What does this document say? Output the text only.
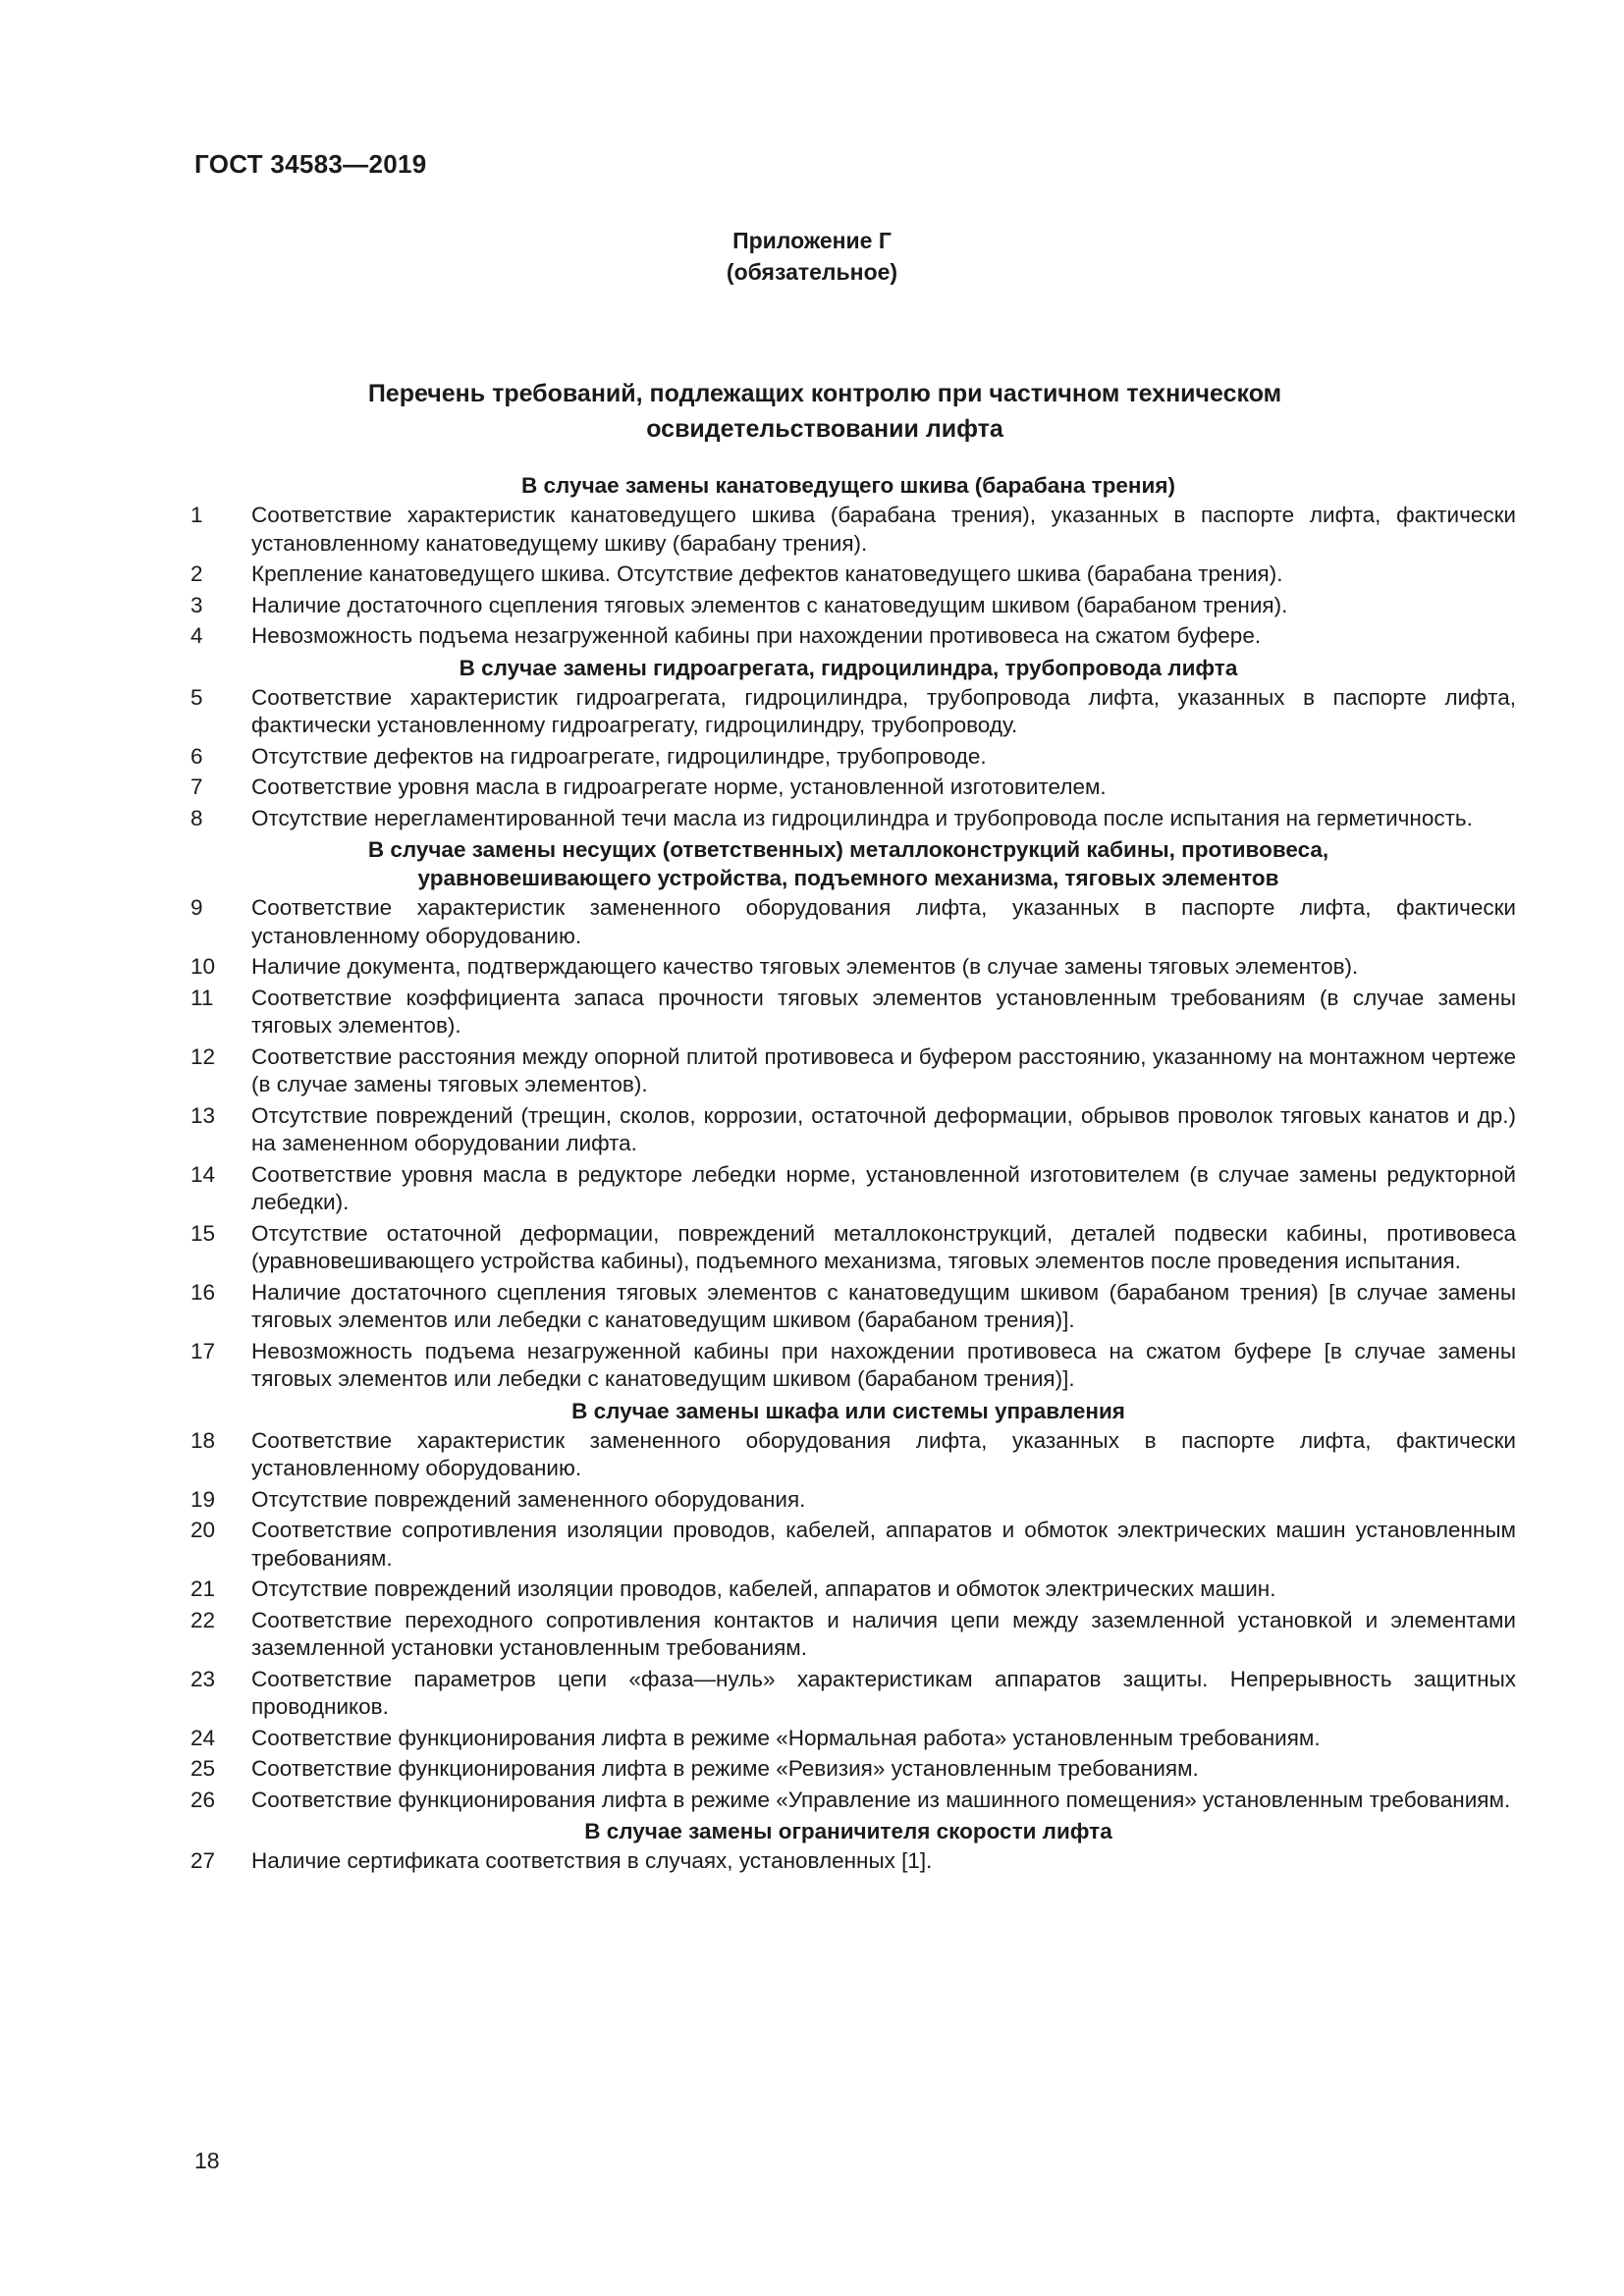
ГОСТ 34583—2019
Приложение Г
(обязательное)
Перечень требований, подлежащих контролю при частичном техническом
освидетельствовании лифта
В случае замены канатоведущего шкива (барабана трения)
1	Соответствие характеристик канатоведущего шкива (барабана трения), указанных в паспорте лифта, фактически установленному канатоведущему шкиву (барабану трения).
2	Крепление канатоведущего шкива. Отсутствие дефектов канатоведущего шкива (барабана трения).
3	Наличие достаточного сцепления тяговых элементов с канатоведущим шкивом (барабаном трения).
4	Невозможность подъема незагруженной кабины при нахождении противовеса на сжатом буфере.
В случае замены гидроагрегата, гидроцилиндра, трубопровода лифта
5	Соответствие характеристик гидроагрегата, гидроцилиндра, трубопровода лифта, указанных в паспорте лифта, фактически установленному гидроагрегату, гидроцилиндру, трубопроводу.
6	Отсутствие дефектов на гидроагрегате, гидроцилиндре, трубопроводе.
7	Соответствие уровня масла в гидроагрегате норме, установленной изготовителем.
8	Отсутствие нерегламентированной течи масла из гидроцилиндра и трубопровода после испытания на герметичность.
В случае замены несущих (ответственных) металлоконструкций кабины, противовеса, уравновешивающего устройства, подъемного механизма, тяговых элементов
9	Соответствие характеристик замененного оборудования лифта, указанных в паспорте лифта, фактически установленному оборудованию.
10	Наличие документа, подтверждающего качество тяговых элементов (в случае замены тяговых элементов).
11	Соответствие коэффициента запаса прочности тяговых элементов установленным требованиям (в случае замены тяговых элементов).
12	Соответствие расстояния между опорной плитой противовеса и буфером расстоянию, указанному на монтажном чертеже (в случае замены тяговых элементов).
13	Отсутствие повреждений (трещин, сколов, коррозии, остаточной деформации, обрывов проволок тяговых канатов и др.) на замененном оборудовании лифта.
14	Соответствие уровня масла в редукторе лебедки норме, установленной изготовителем (в случае замены редукторной лебедки).
15	Отсутствие остаточной деформации, повреждений металлоконструкций, деталей подвески кабины, противовеса (уравновешивающего устройства кабины), подъемного механизма, тяговых элементов после проведения испытания.
16	Наличие достаточного сцепления тяговых элементов с канатоведущим шкивом (барабаном трения) [в случае замены тяговых элементов или лебедки с канатоведущим шкивом (барабаном трения)].
17	Невозможность подъема незагруженной кабины при нахождении противовеса на сжатом буфере [в случае замены тяговых элементов или лебедки с канатоведущим шкивом (барабаном трения)].
В случае замены шкафа или системы управления
18	Соответствие характеристик замененного оборудования лифта, указанных в паспорте лифта, фактически установленному оборудованию.
19	Отсутствие повреждений замененного оборудования.
20	Соответствие сопротивления изоляции проводов, кабелей, аппаратов и обмоток электрических машин установленным требованиям.
21	Отсутствие повреждений изоляции проводов, кабелей, аппаратов и обмоток электрических машин.
22	Соответствие переходного сопротивления контактов и наличия цепи между заземленной установкой и элементами заземленной установки установленным требованиям.
23	Соответствие параметров цепи «фаза—нуль» характеристикам аппаратов защиты. Непрерывность защитных проводников.
24	Соответствие функционирования лифта в режиме «Нормальная работа» установленным требованиям.
25	Соответствие функционирования лифта в режиме «Ревизия» установленным требованиям.
26	Соответствие функционирования лифта в режиме «Управление из машинного помещения» установленным требованиям.
В случае замены ограничителя скорости лифта
27	Наличие сертификата соответствия в случаях, установленных [1].
18
